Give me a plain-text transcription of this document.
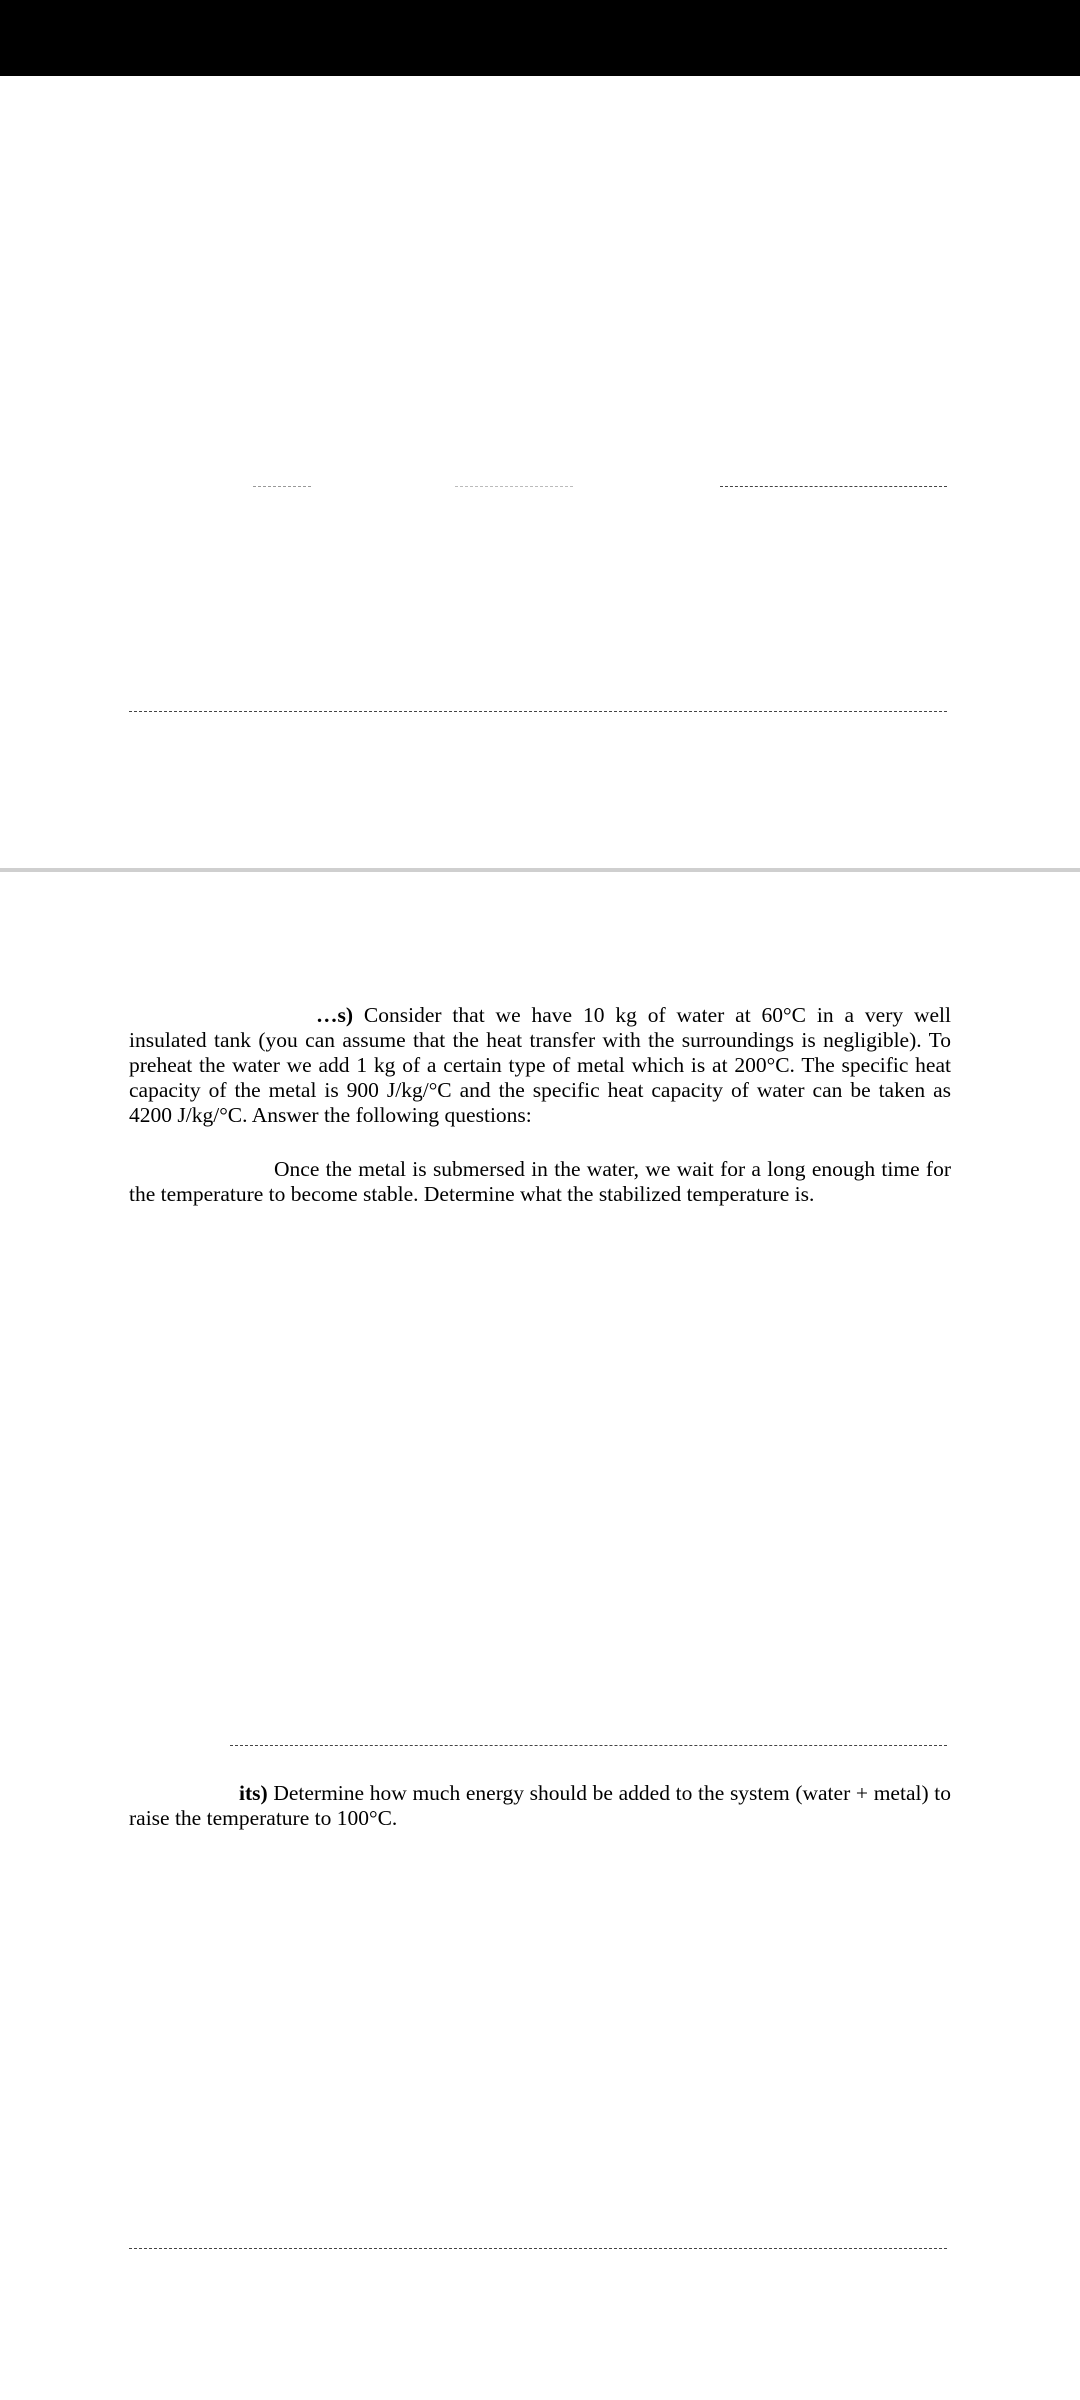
…s) Consider that we have 10 kg of water at 60°C in a very well insulated tank (you can assume that the heat transfer with the surroundings is negligible). To preheat the water we add 1 kg of a certain type of metal which is at 200°C. The specific heat capacity of the metal is 900 J/kg/°C and the specific heat capacity of water can be taken as 4200 J/kg/°C. Answer the following questions:
Once the metal is submersed in the water, we wait for a long enough time for the temperature to become stable. Determine what the stabilized temperature is.
its) Determine how much energy should be added to the system (water + metal) to raise the temperature to 100°C.
